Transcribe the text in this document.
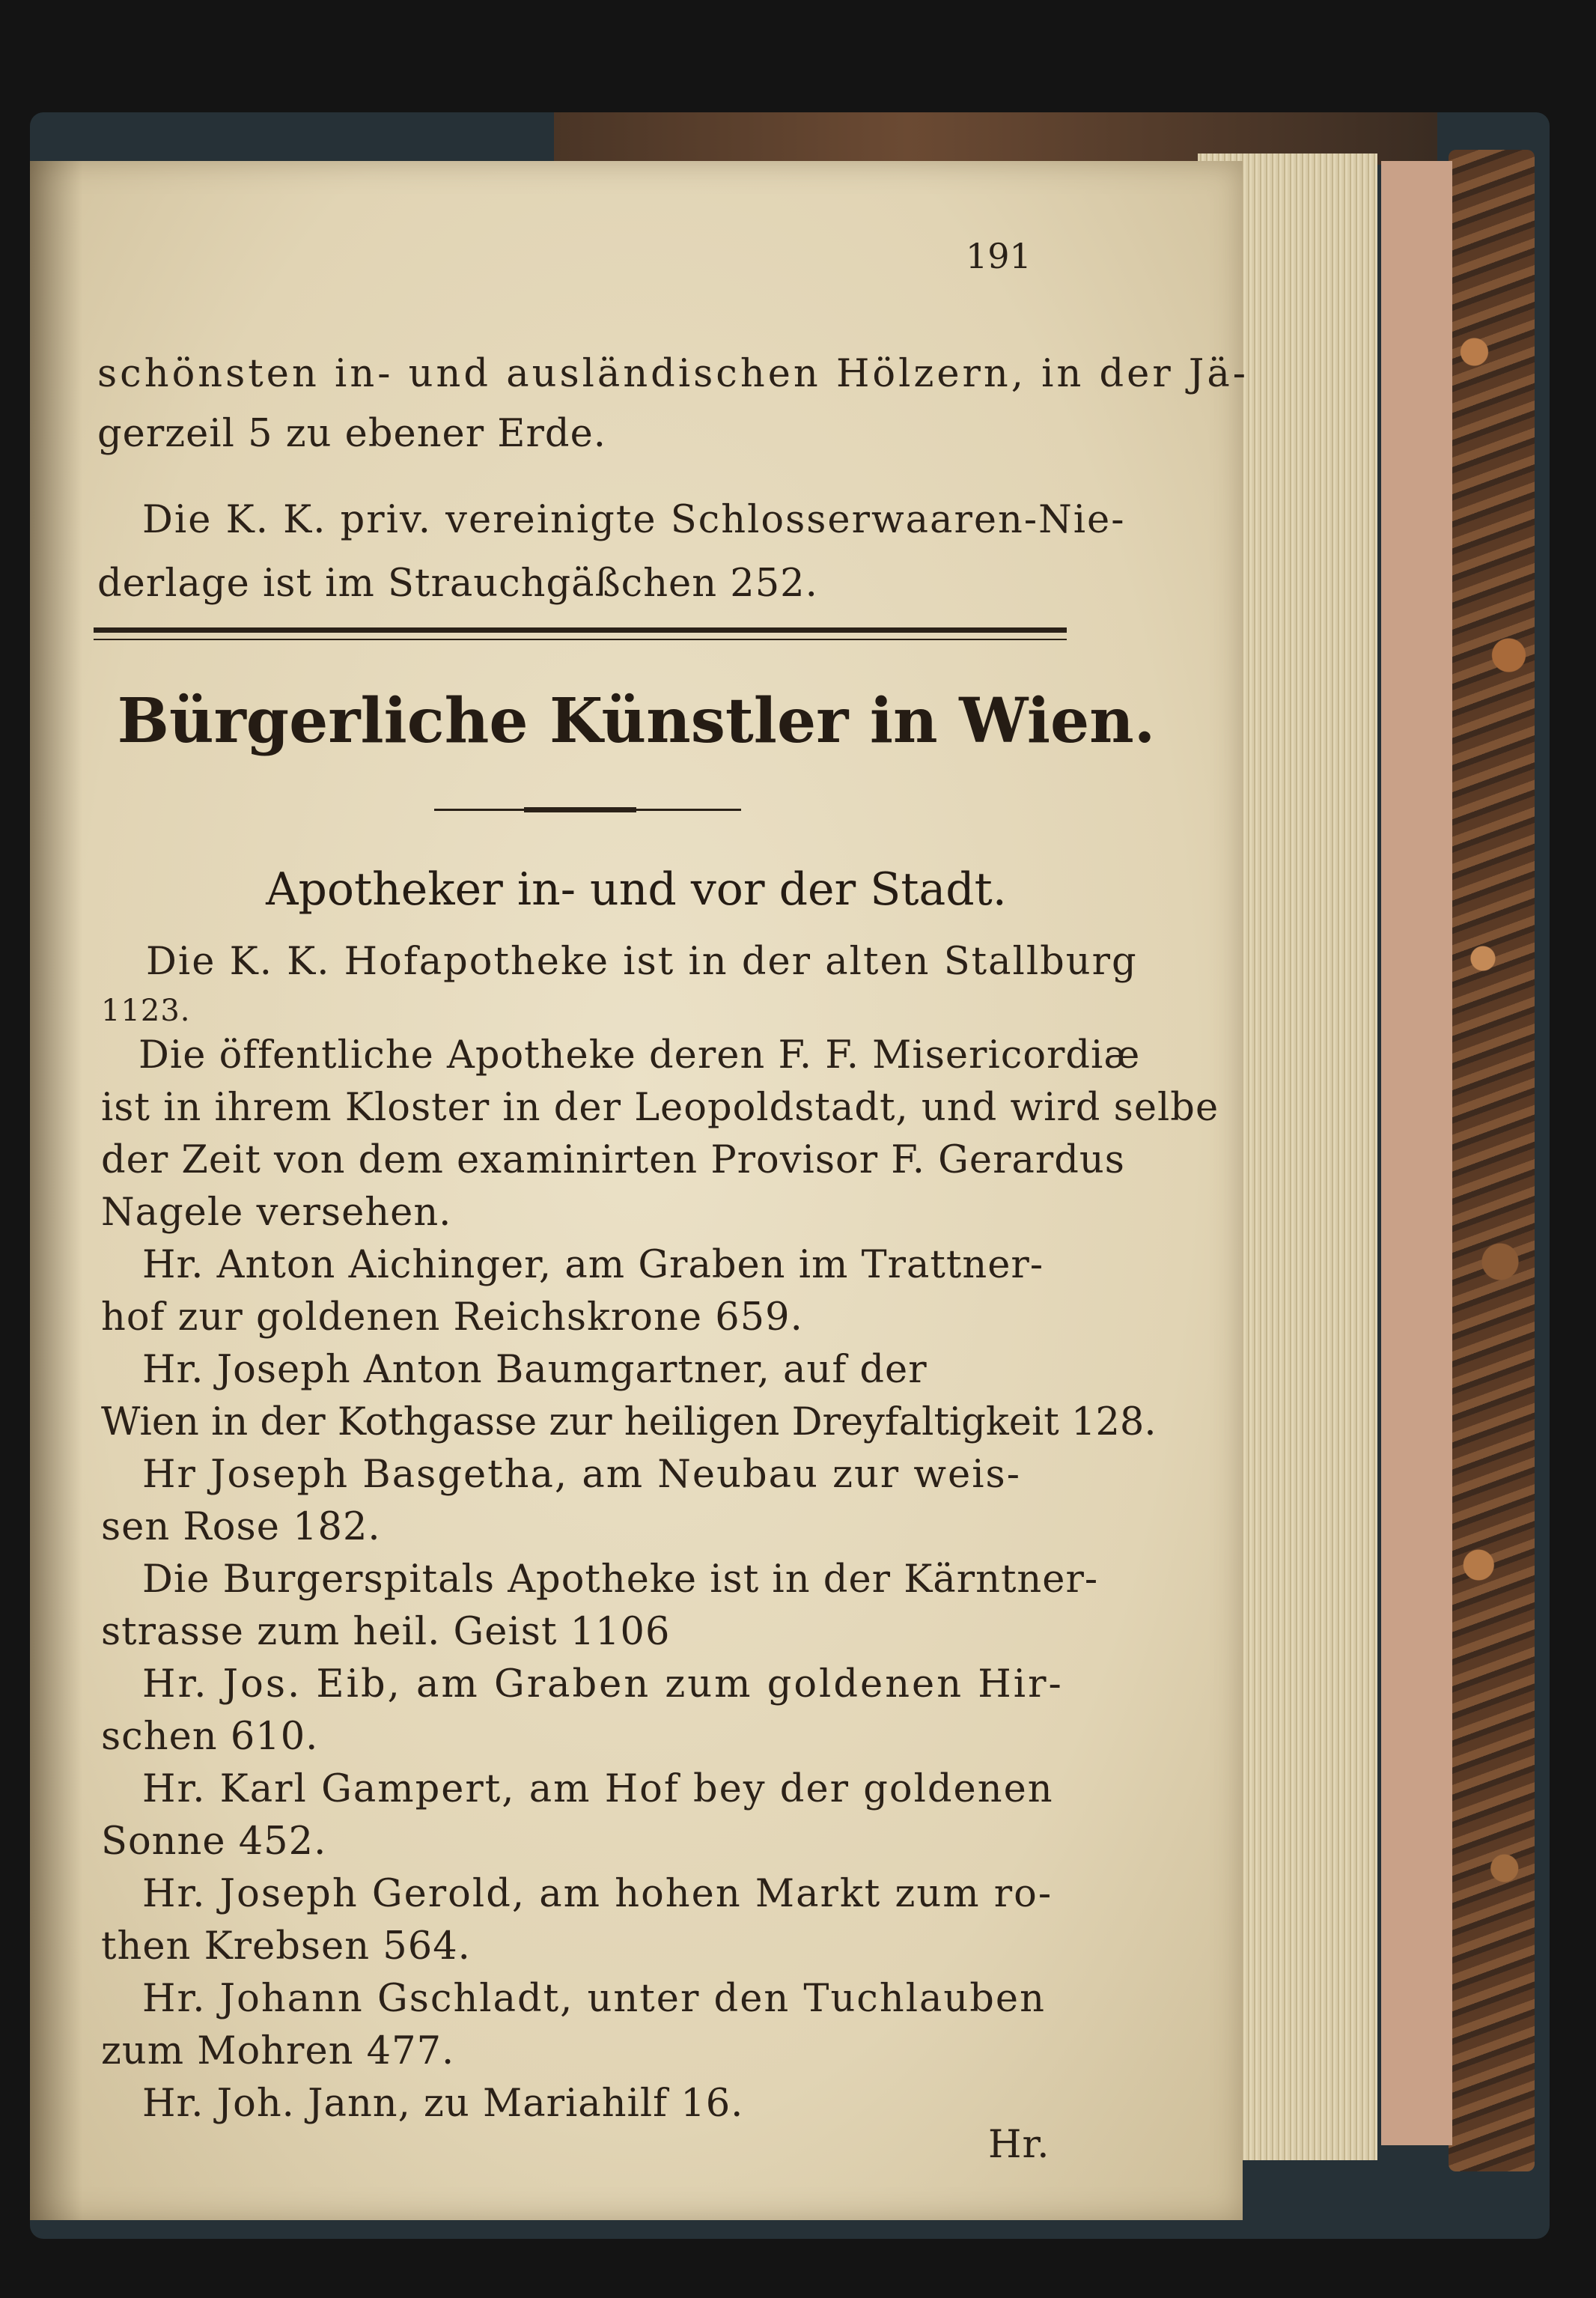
191
schönsten in- und ausländischen Hölzern, in der Jä-
gerzeil 5 zu ebener Erde.
Die K. K. priv. vereinigte Schlosserwaaren-Nie-
derlage ist im Strauchgäßchen 252.
Bürgerliche Künstler in Wien.
Apotheker in- und vor der Stadt.
Die K. K. Hofapotheke ist in der alten Stallburg
1123.
Die öffentliche Apotheke deren F. F. Misericordiæ
ist in ihrem Kloster in der Leopoldstadt, und wird selbe
der Zeit von dem examinirten Provisor F. Gerardus
Nagele versehen.
Hr. Anton Aichinger, am Graben im Trattner-
hof zur goldenen Reichskrone 659.
Hr. Joseph Anton Baumgartner, auf der
Wien in der Kothgasse zur heiligen Dreyfaltigkeit 128.
Hr Joseph Basgetha, am Neubau zur weis-
sen Rose 182.
Die Burgerspitals Apotheke ist in der Kärntner-
strasse zum heil. Geist 1106
Hr. Jos. Eib, am Graben zum goldenen Hir-
schen 610.
Hr. Karl Gampert, am Hof bey der goldenen
Sonne 452.
Hr. Joseph Gerold, am hohen Markt zum ro-
then Krebsen 564.
Hr. Johann Gschladt, unter den Tuchlauben
zum Mohren 477.
Hr. Joh. Jann, zu Mariahilf 16.
Hr.
